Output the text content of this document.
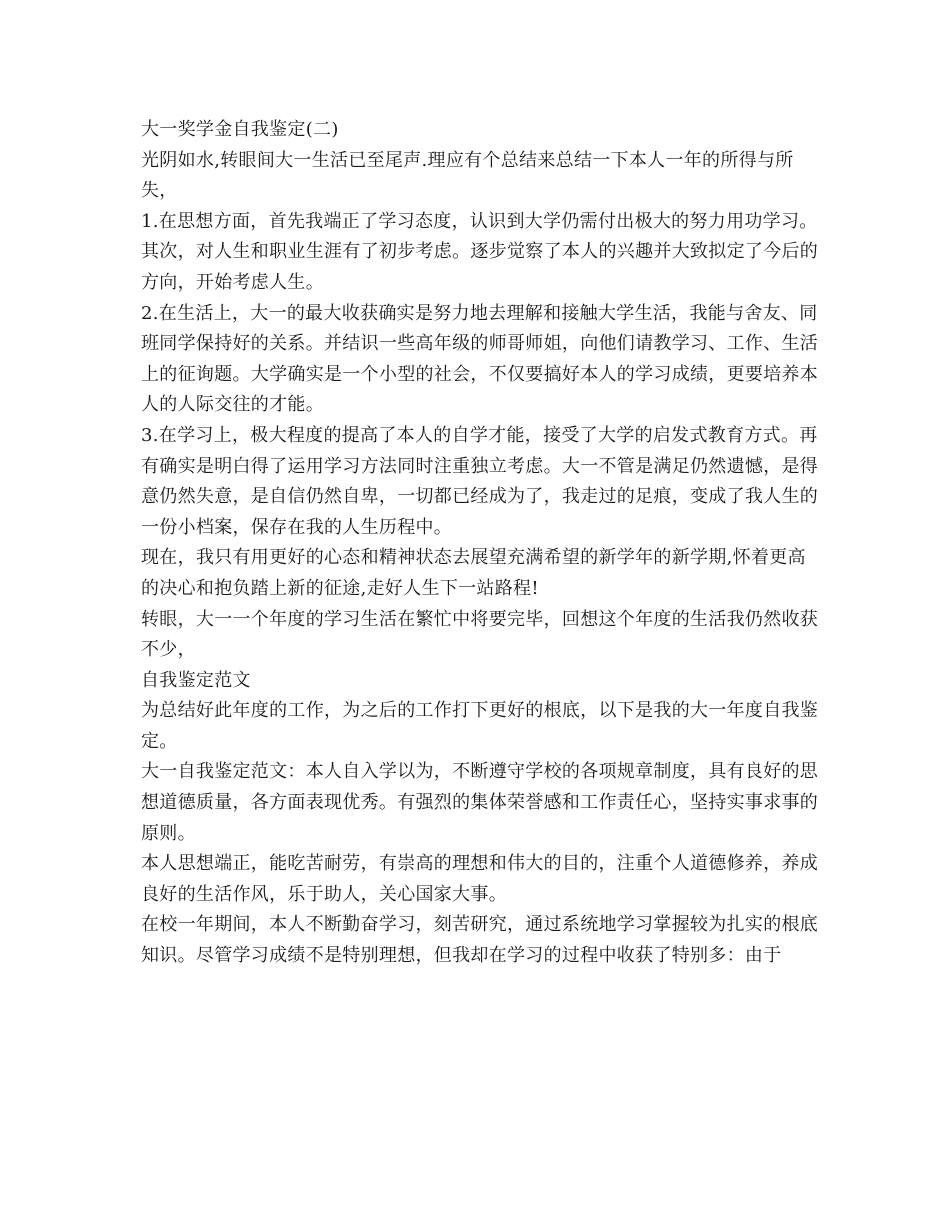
大一奖学金自我鉴定(二)

光阴如水,转眼间大一生活已至尾声.理应有个总结来总结一下本人一年的所得与所失，

1.在思想方面，首先我端正了学习态度，认识到大学仍需付出极大的努力用功学习。其次，对人生和职业生涯有了初步考虑。逐步觉察了本人的兴趣并大致拟定了今后的方向，开始考虑人生。

2.在生活上，大一的最大收获确实是努力地去理解和接触大学生活，我能与舍友、同班同学保持好的关系。并结识一些高年级的师哥师姐，向他们请教学习、工作、生活上的征询题。大学确实是一个小型的社会，不仅要搞好本人的学习成绩，更要培养本人的人际交往的才能。

3.在学习上，极大程度的提高了本人的自学才能，接受了大学的启发式教育方式。再有确实是明白得了运用学习方法同时注重独立考虑。大一不管是满足仍然遗憾，是得意仍然失意，是自信仍然自卑，一切都已经成为了，我走过的足痕，变成了我人生的一份小档案，保存在我的人生历程中。

现在，我只有用更好的心态和精神状态去展望充满希望的新学年的新学期,怀着更高的决心和抱负踏上新的征途,走好人生下一站路程!

转眼，大一一个年度的学习生活在繁忙中将要完毕，回想这个年度的生活我仍然收获不少，

自我鉴定范文

为总结好此年度的工作，为之后的工作打下更好的根底，以下是我的大一年度自我鉴定。

大一自我鉴定范文：本人自入学以为，不断遵守学校的各项规章制度，具有良好的思想道德质量，各方面表现优秀。有强烈的集体荣誉感和工作责任心，坚持实事求事的原则。

本人思想端正，能吃苦耐劳，有崇高的理想和伟大的目的，注重个人道德修养，养成良好的生活作风，乐于助人，关心国家大事。

在校一年期间，本人不断勤奋学习，刻苦研究，通过系统地学习掌握较为扎实的根底知识。尽管学习成绩不是特别理想，但我却在学习的过程中收获了特别多：由于
